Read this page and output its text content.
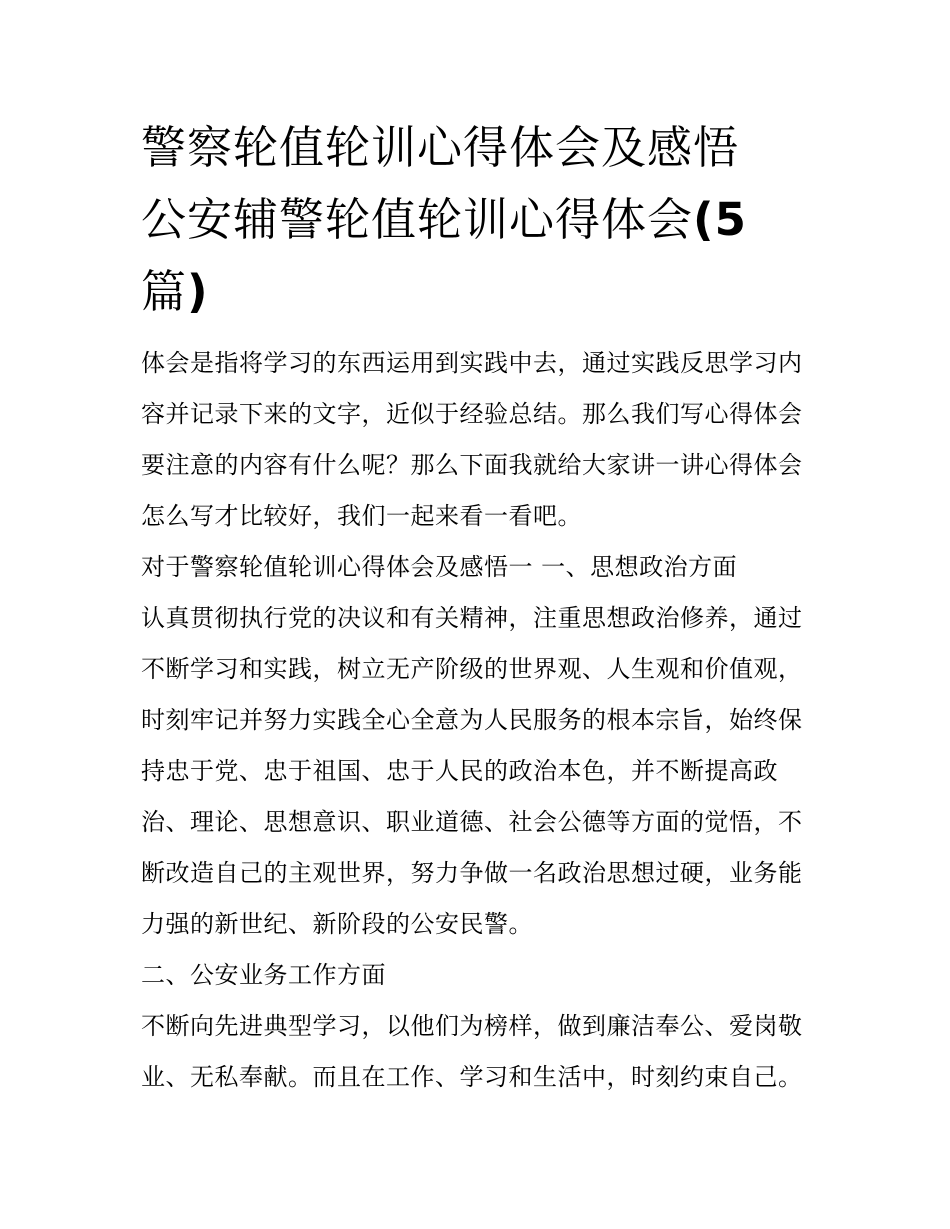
警察轮值轮训心得体会及感悟
公安辅警轮值轮训心得体会(5
篇)

体会是指将学习的东西运用到实践中去，通过实践反思学习内容并记录下来的文字，近似于经验总结。那么我们写心得体会要注意的内容有什么呢？那么下面我就给大家讲一讲心得体会怎么写才比较好，我们一起来看一看吧。

对于警察轮值轮训心得体会及感悟一 一、思想政治方面

认真贯彻执行党的决议和有关精神，注重思想政治修养，通过不断学习和实践，树立无产阶级的世界观、人生观和价值观，时刻牢记并努力实践全心全意为人民服务的根本宗旨，始终保持忠于党、忠于祖国、忠于人民的政治本色，并不断提高政治、理论、思想意识、职业道德、社会公德等方面的觉悟，不断改造自己的主观世界，努力争做一名政治思想过硬，业务能力强的新世纪、新阶段的公安民警。

二、公安业务工作方面

不断向先进典型学习，以他们为榜样，做到廉洁奉公、爱岗敬业、无私奉献。而且在工作、学习和生活中，时刻约束自己。
